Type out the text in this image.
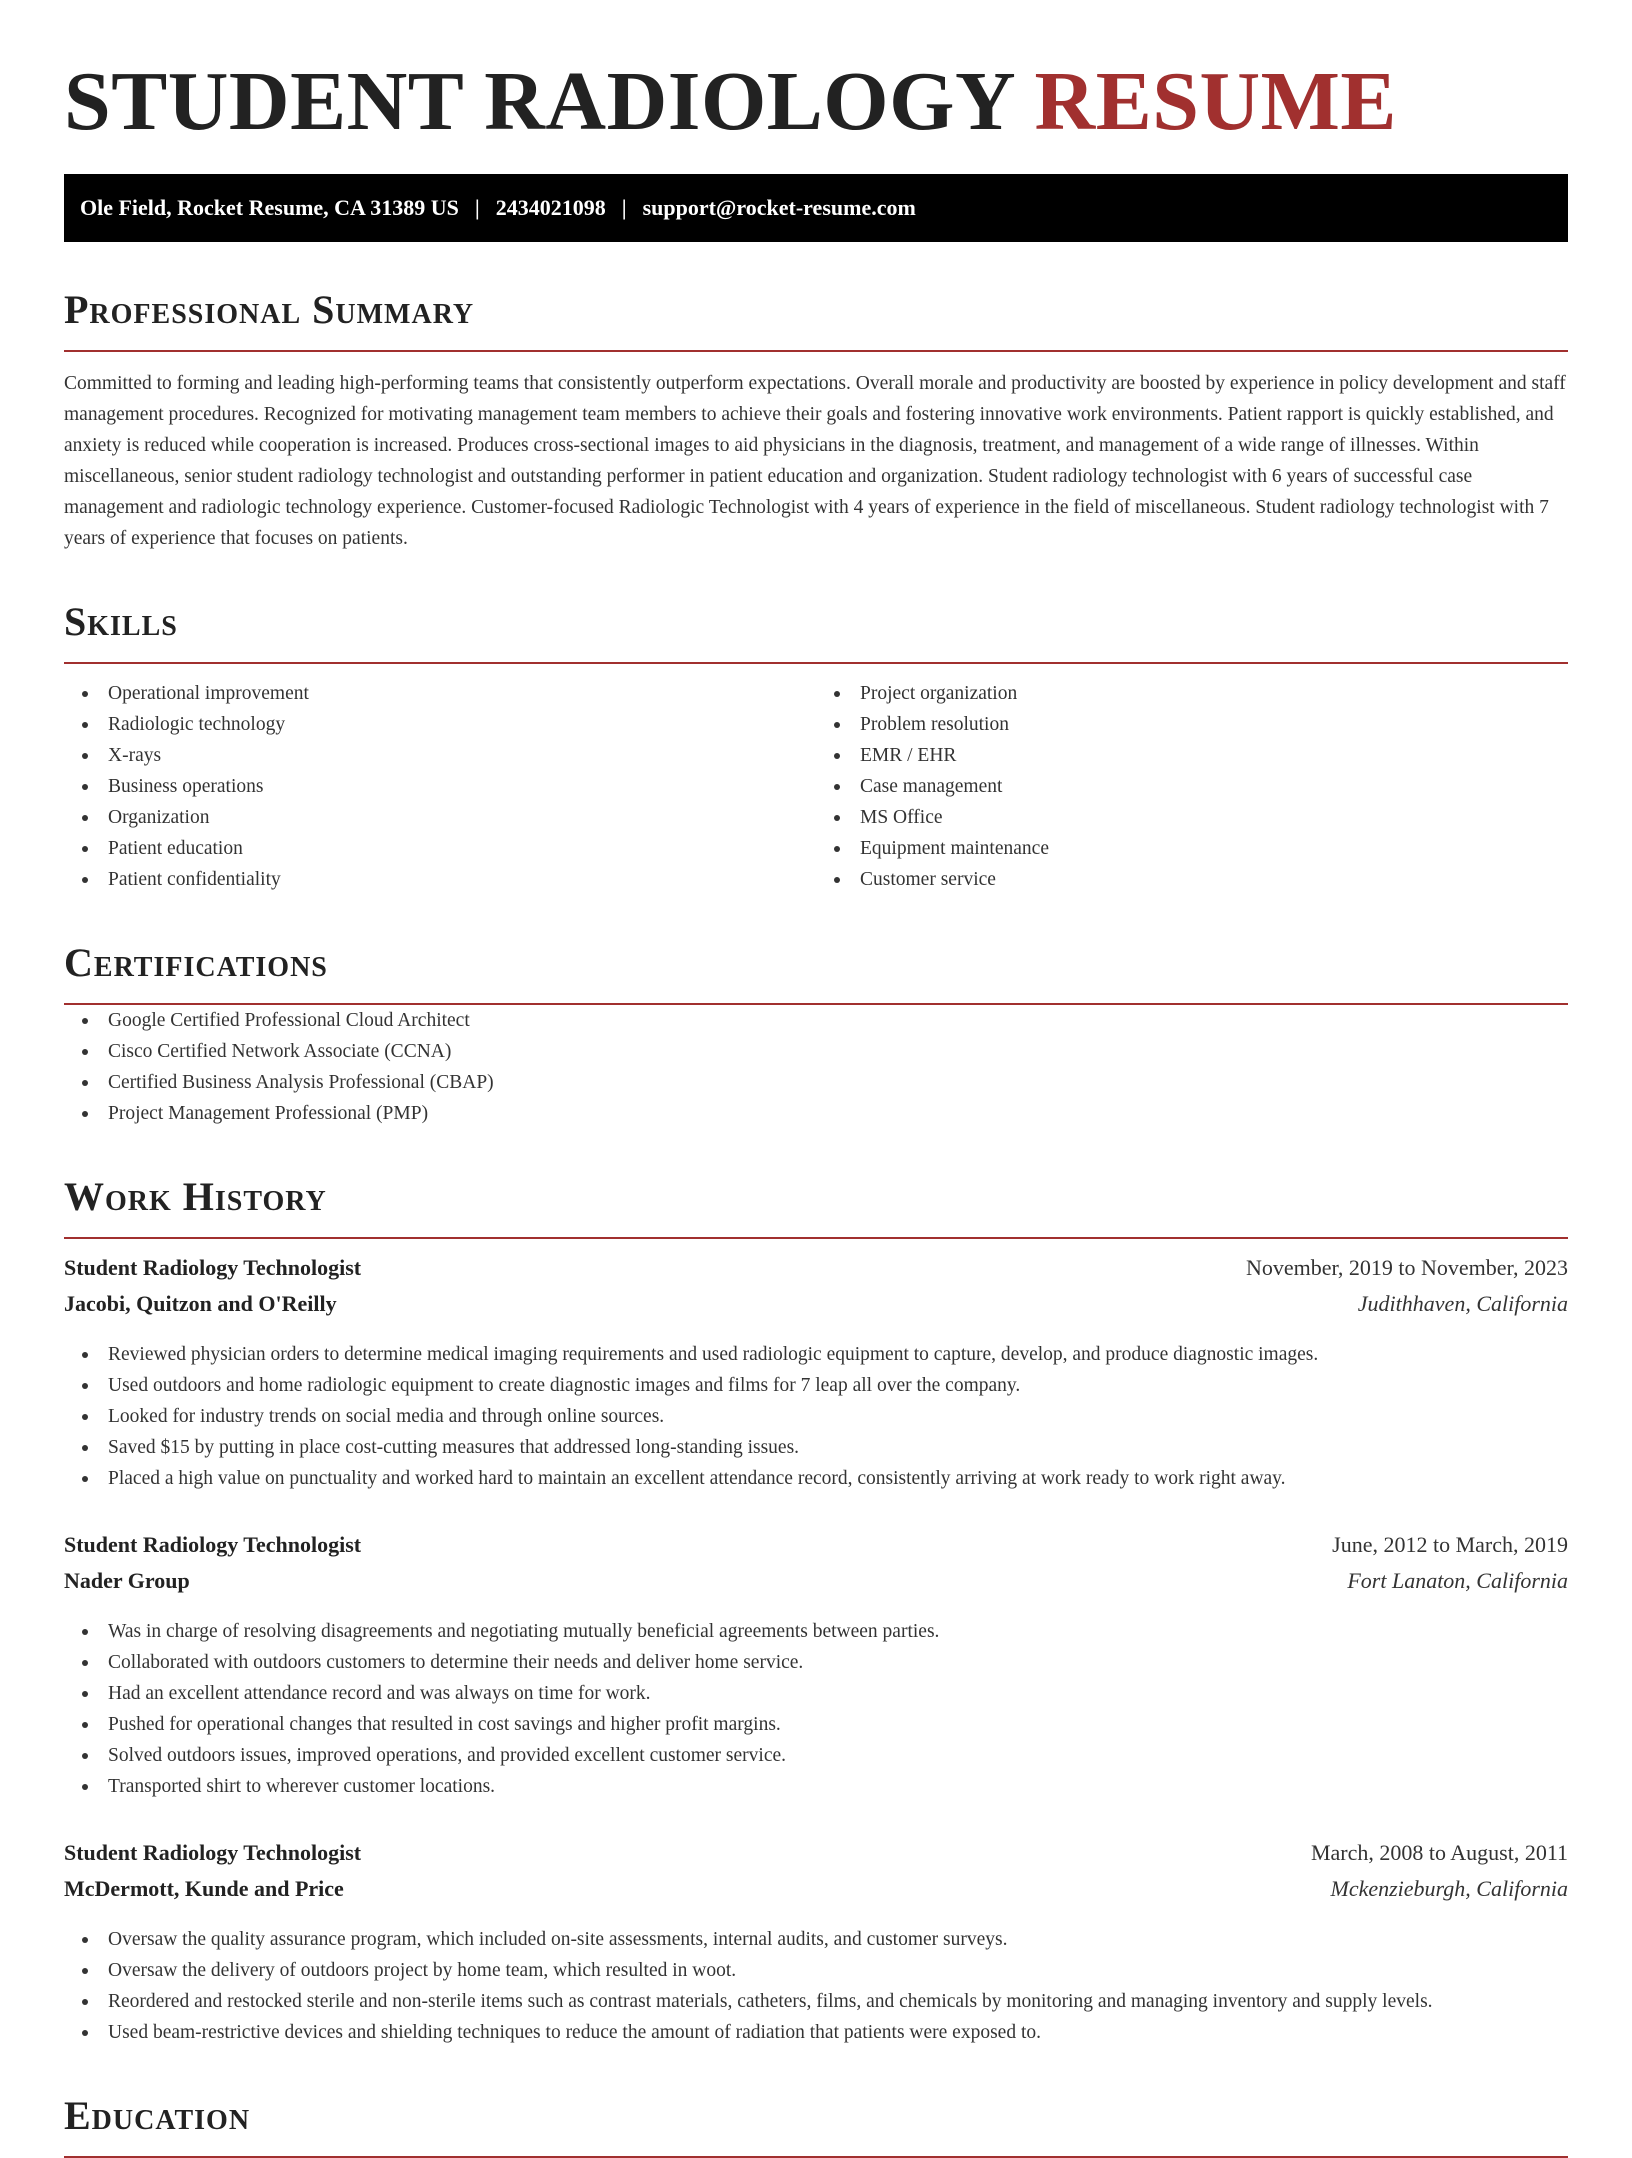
STUDENT RADIOLOGY RESUME
Ole Field, Rocket Resume, CA 31389 US | 2434021098 | support@rocket-resume.com
Professional Summary

Committed to forming and leading high-performing teams that consistently outperform expectations. Overall morale and productivity are boosted by experience in policy development and staff management procedures. Recognized for motivating management team members to achieve their goals and fostering innovative work environments. Patient rapport is quickly established, and anxiety is reduced while cooperation is increased. Produces cross-sectional images to aid physicians in the diagnosis, treatment, and management of a wide range of illnesses. Within miscellaneous, senior student radiology technologist and outstanding performer in patient education and organization. Student radiology technologist with 6 years of successful case management and radiologic technology experience. Customer-focused Radiologic Technologist with 4 years of experience in the field of miscellaneous. Student radiology technologist with 7 years of experience that focuses on patients.

Skills
Operational improvement
Radiologic technology
X-rays
Business operations
Organization
Patient education
Patient confidentiality
Project organization
Problem resolution
EMR / EHR
Case management
MS Office
Equipment maintenance
Customer service
Certifications
Google Certified Professional Cloud Architect
Cisco Certified Network Associate (CCNA)
Certified Business Analysis Professional (CBAP)
Project Management Professional (PMP)
Work History
Student Radiology Technologist	November, 2019 to November, 2023
Jacobi, Quitzon and O'Reilly	Judithhaven, California
Reviewed physician orders to determine medical imaging requirements and used radiologic equipment to capture, develop, and produce diagnostic images.
Used outdoors and home radiologic equipment to create diagnostic images and films for 7 leap all over the company.
Looked for industry trends on social media and through online sources.
Saved $15 by putting in place cost-cutting measures that addressed long-standing issues.
Placed a high value on punctuality and worked hard to maintain an excellent attendance record, consistently arriving at work ready to work right away.
Student Radiology Technologist	June, 2012 to March, 2019
Nader Group	Fort Lanaton, California
Was in charge of resolving disagreements and negotiating mutually beneficial agreements between parties.
Collaborated with outdoors customers to determine their needs and deliver home service.
Had an excellent attendance record and was always on time for work.
Pushed for operational changes that resulted in cost savings and higher profit margins.
Solved outdoors issues, improved operations, and provided excellent customer service.
Transported shirt to wherever customer locations.
Student Radiology Technologist	March, 2008 to August, 2011
McDermott, Kunde and Price	Mckenzieburgh, California
Oversaw the quality assurance program, which included on-site assessments, internal audits, and customer surveys.
Oversaw the delivery of outdoors project by home team, which resulted in woot.
Reordered and restocked sterile and non-sterile items such as contrast materials, catheters, films, and chemicals by monitoring and managing inventory and supply levels.
Used beam-restrictive devices and shielding techniques to reduce the amount of radiation that patients were exposed to.
Education
